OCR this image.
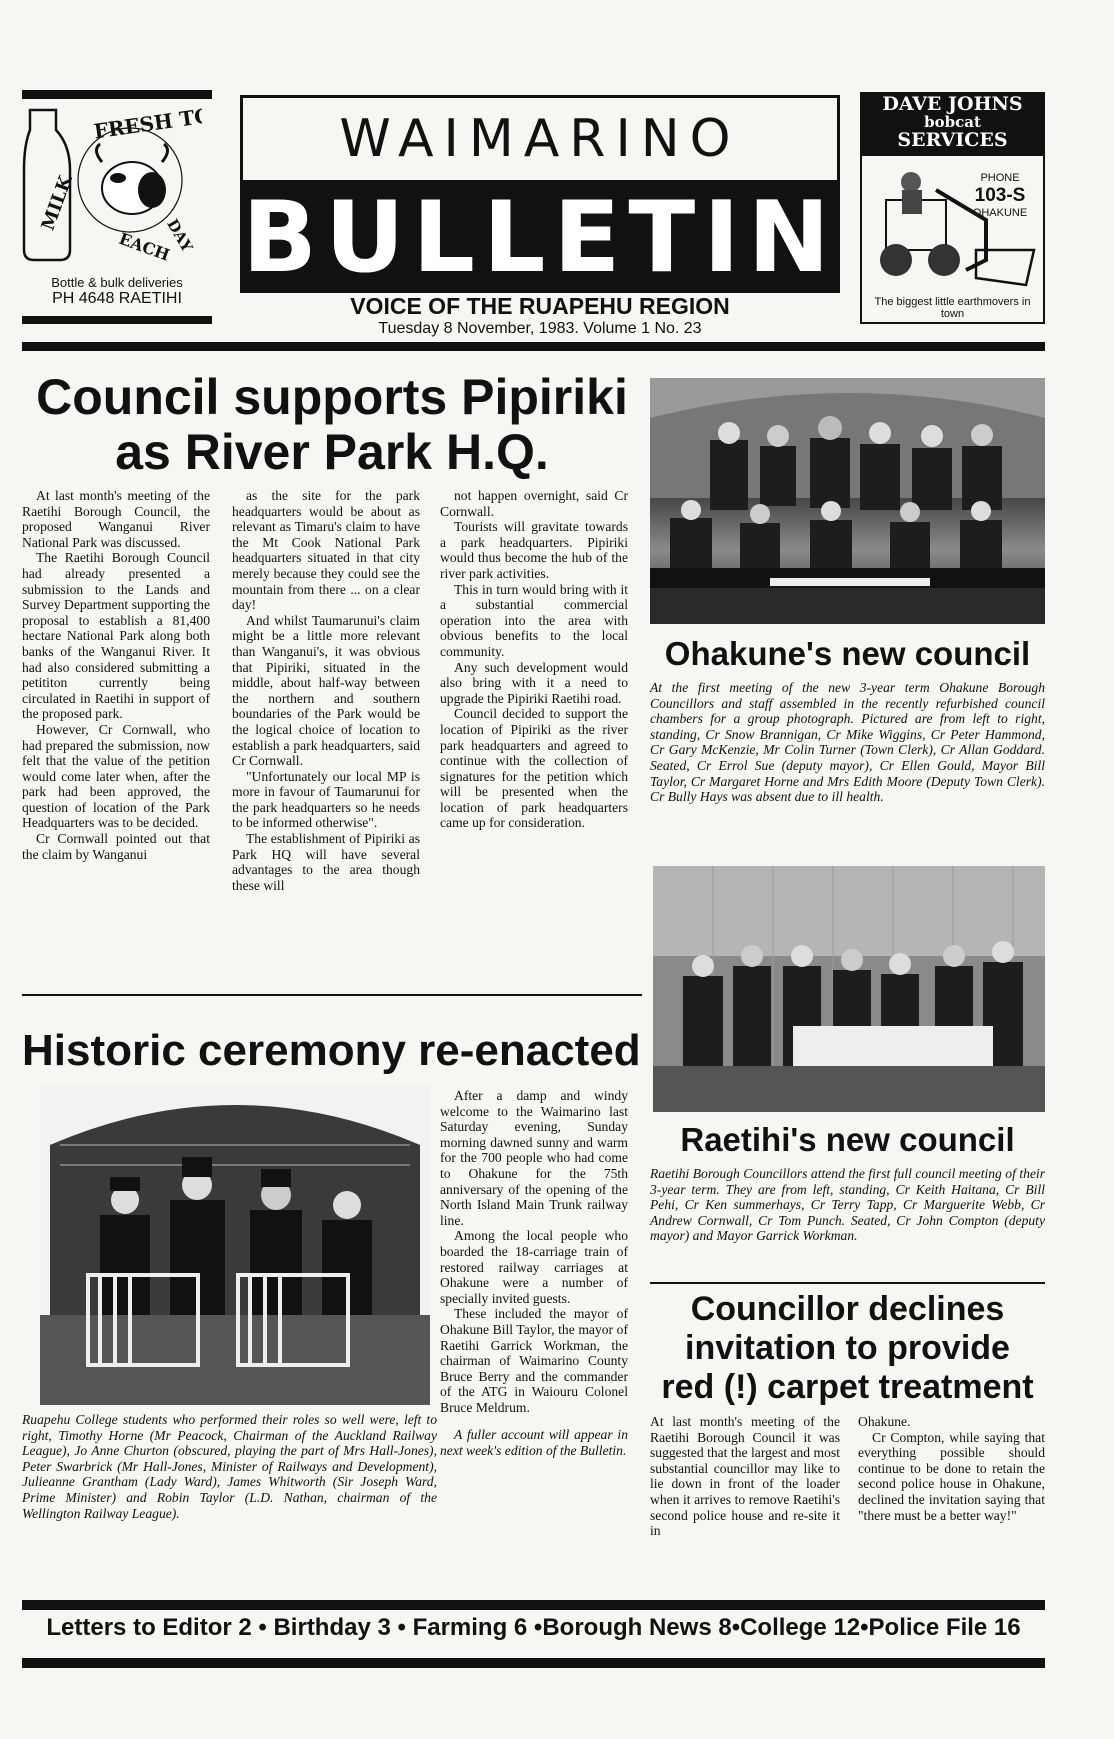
FRESH TO
MILK
DAY
EACH
Bottle & bulk deliveries
PH 4648 RAETIHI
WAIMARINO
BULLETIN
VOICE OF THE RUAPEHU REGION
Tuesday 8 November, 1983. Volume 1 No. 23
DAVE JOHNS
bobcat
SERVICES
PHONE
103-S
OHAKUNE
The biggest little earthmovers in town
Council supports Pipiriki
as River Park H.Q.

At last month's meeting of the Raetihi Borough Council, the proposed Wanganui River National Park was discussed.

The Raetihi Borough Council had already presented a submission to the Lands and Survey Department supporting the proposal to establish a 81,400 hectare National Park along both banks of the Wanganui River. It had also considered submitting a petititon currently being circulated in Raetihi in support of the proposed park.

However, Cr Cornwall, who had prepared the submission, now felt that the value of the petition would come later when, after the park had been approved, the question of location of the Park Headquarters was to be decided.

Cr Cornwall pointed out that the claim by Wanganui

as the site for the park headquarters would be about as relevant as Timaru's claim to have the Mt Cook National Park headquarters situated in that city merely because they could see the mountain from there ... on a clear day!

And whilst Taumarunui's claim might be a little more relevant than Wanganui's, it was obvious that Pipiriki, situated in the middle, about half-way between the northern and southern boundaries of the Park would be the logical choice of location to establish a park headquarters, said Cr Cornwall.

"Unfortunately our local MP is more in favour of Taumarunui for the park headquarters so he needs to be informed otherwise".

The establishment of Pipiriki as Park HQ will have several advantages to the area though these will

not happen overnight, said Cr Cornwall.

Tourists will gravitate towards a park headquarters. Pipiriki would thus become the hub of the river park activities.

This in turn would bring with it a substantial commercial operation into the area with obvious benefits to the local community.

Any such development would also bring with it a need to upgrade the Pipiriki Raetihi road.

Council decided to support the location of Pipiriki as the river park headquarters and agreed to continue with the collection of signatures for the petition which will be presented when the location of park headquarters came up for consideration.

Ohakune's new council
At the first meeting of the new 3-year term Ohakune Borough Councillors and staff assembled in the recently refurbished council chambers for a group photograph. Pictured are from left to right, standing, Cr Snow Brannigan, Cr Mike Wiggins, Cr Peter Hammond, Cr Gary McKenzie, Mr Colin Turner (Town Clerk), Cr Allan Goddard. Seated, Cr Errol Sue (deputy mayor), Cr Ellen Gould, Mayor Bill Taylor, Cr Margaret Horne and Mrs Edith Moore (Deputy Town Clerk). Cr Bully Hays was absent due to ill health.
Raetihi's new council
Raetihi Borough Councillors attend the first full council meeting of their 3-year term. They are from left, standing, Cr Keith Haitana, Cr Bill Pehi, Cr Ken summerhays, Cr Terry Tapp, Cr Marguerite Webb, Cr Andrew Cornwall, Cr Tom Punch. Seated, Cr John Compton (deputy mayor) and Mayor Garrick Workman.
Councillor declines
invitation to provide
red (!) carpet treatment

At last month's meeting of the Raetihi Borough Council it was suggested that the largest and most substantial councillor may like to lie down in front of the loader when it arrives to remove Raetihi's second police house and re-site it in

Ohakune.

Cr Compton, while saying that everything possible should continue to be done to retain the second police house in Ohakune, declined the invitation saying that "there must be a better way!"

Historic ceremony re-enacted
Ruapehu College students who performed their roles so well were, left to right, Timothy Horne (Mr Peacock, Chairman of the Auckland Railway League), Jo Anne Churton (obscured, playing the part of Mrs Hall-Jones), Peter Swarbrick (Mr Hall-Jones, Minister of Railways and Development), Julieanne Grantham (Lady Ward), James Whitworth (Sir Joseph Ward, Prime Minister) and Robin Taylor (L.D. Nathan, chairman of the Wellington Railway League).

After a damp and windy welcome to the Waimarino last Saturday evening, Sunday morning dawned sunny and warm for the 700 people who had come to Ohakune for the 75th anniversary of the opening of the North Island Main Trunk railway line.

Among the local people who boarded the 18-carriage train of restored railway carriages at Ohakune were a number of specially invited guests.

These included the mayor of Ohakune Bill Taylor, the mayor of Raetihi Garrick Workman, the chairman of Waimarino County Bruce Berry and the commander of the ATG in Waiouru Colonel Bruce Meldrum.

A fuller account will appear in next week's edition of the Bulletin.

Letters to Editor 2 • Birthday 3 • Farming 6 •Borough News 8•College 12•Police File 16
